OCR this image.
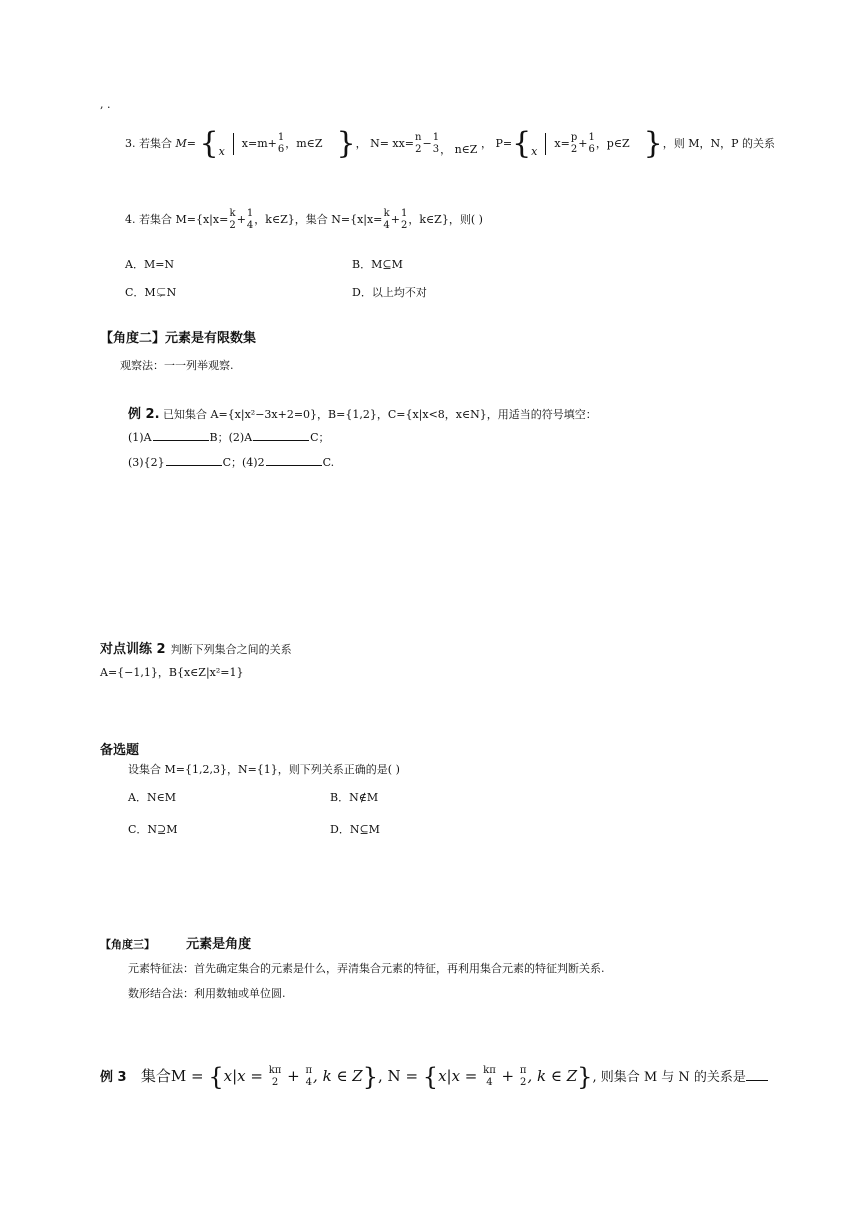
, .
3. 若集合 M= {xx=m+ 1
6 ，m∈Z }， N= xx= n
2 − 1
3 ， n∈Z ， P={xx= p
2 + 1
6 ，p∈Z }，则 M，N，P 的关系
4. 若集合 M={x|x= k
2 + 1
4 ，k∈Z}，集合 N={x|x= k
4 + 1
2 ，k∈Z}，则( )
A．M=N	B．M⊆M
C．M⊊N	D．以上均不对
【角度二】元素是有限数集
观察法：一一列举观察.
例 2. 已知集合 A={x|x²−3x+2=0}，B={1,2}，C={x|x<8，x∈N}，用适当的符号填空：
(1)A	B；(2)A	C；
(3){2}	C；(4)2	C.
对点训练 2 判断下列集合之间的关系
A={−1,1}，B{x∈Z|x²=1}
备选题
设集合 M={1,2,3}，N={1}，则下列关系正确的是( )
A．N∈M	B．N∉M
C．N⊇M	D．N⊆M
【角度三】 元素是角度
元素特征法：首先确定集合的元素是什么，弄清集合元素的特征，再利用集合元素的特征判断关系.
数形结合法：利用数轴或单位圆.
例 3 集合M = {x|x = kπ
2 + π
4 , k ∈ Z}, N = {x|x = kπ
4 + π
2 , k ∈ Z}, 则集合 M 与 N 的关系是
